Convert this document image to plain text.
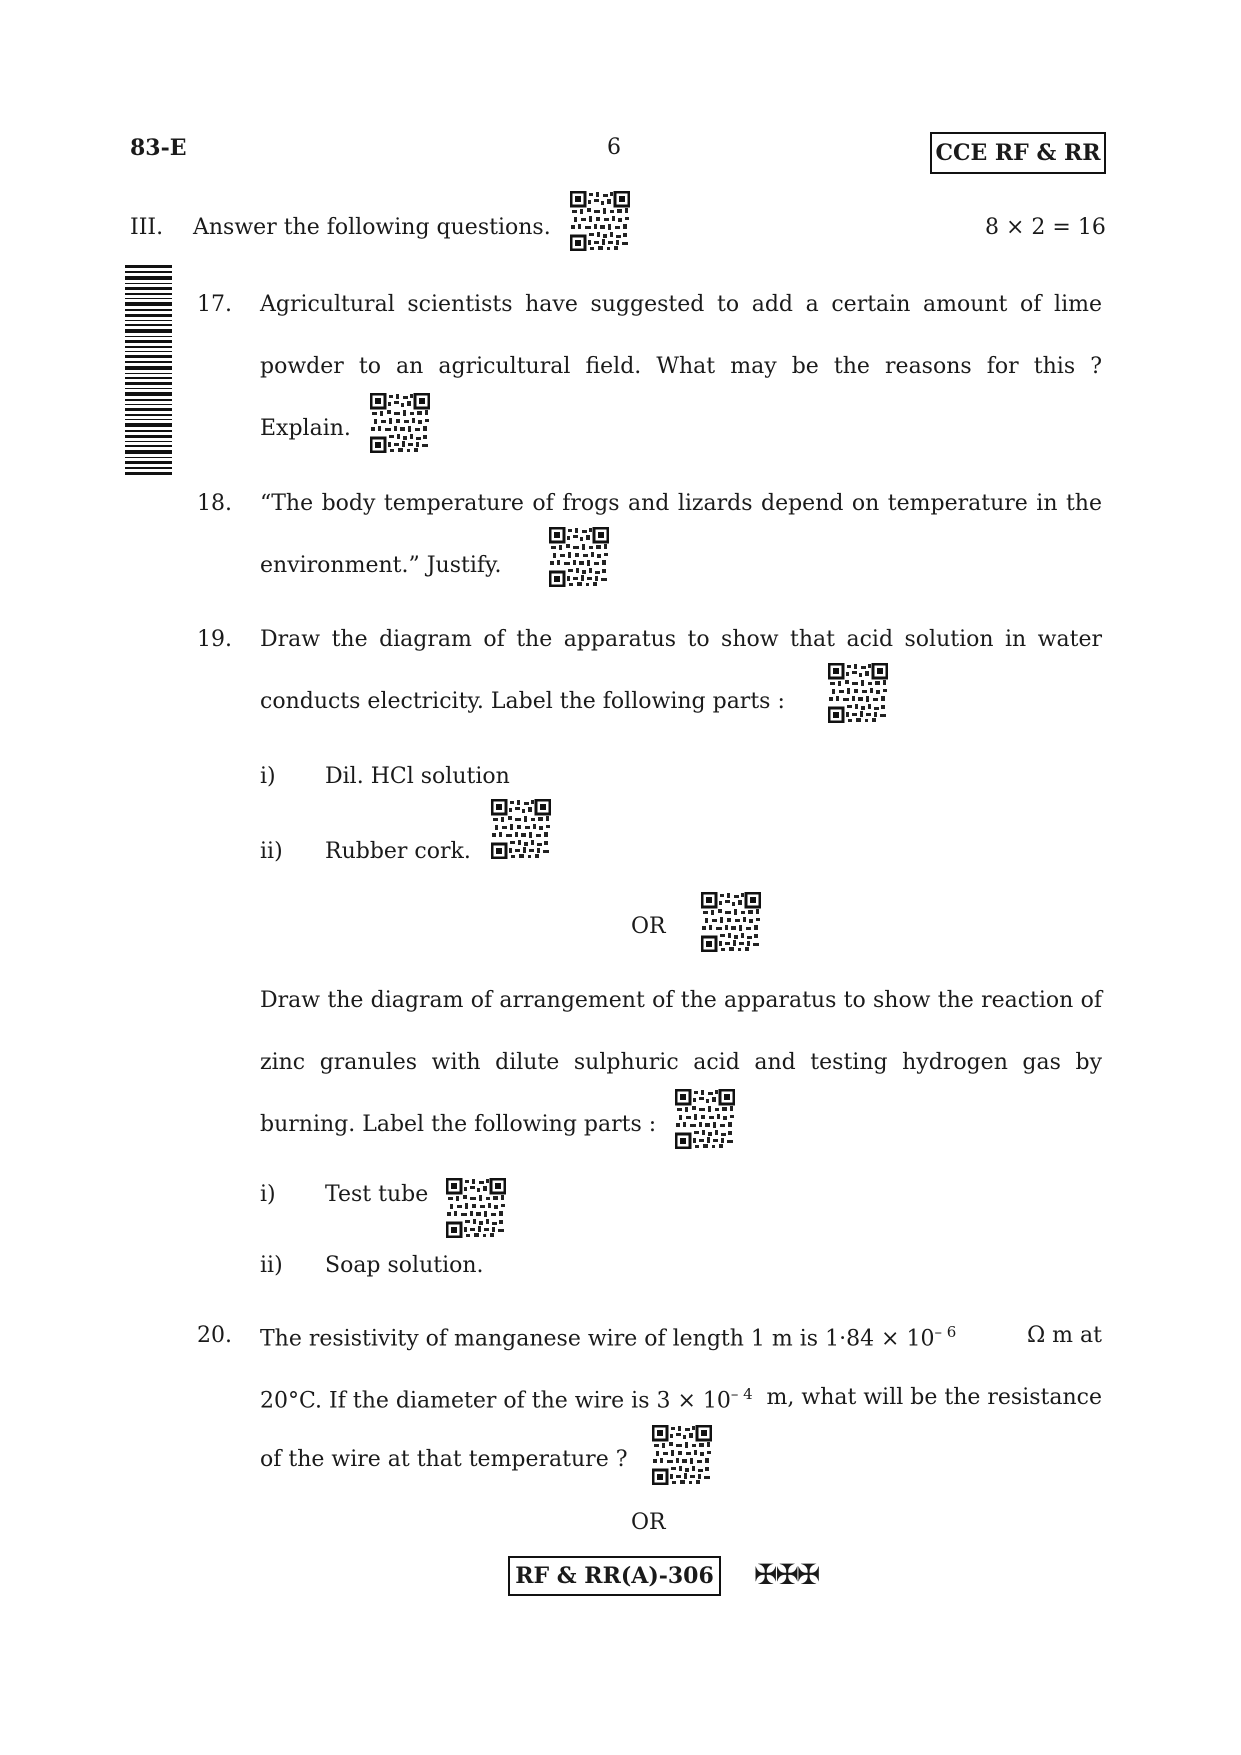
83-E	6	CCE RF & RR
III. Answer the following questions.	8 × 2 = 16
17. Agricultural scientists have suggested to add a certain amount of lime
powder to an agricultural field. What may be the reasons for this ?
Explain.
18. “The body temperature of frogs and lizards depend on temperature in the
environment.” Justify.
19. Draw the diagram of the apparatus to show that acid solution in water
conducts electricity. Label the following parts :
i) Dil. HCl solution
ii) Rubber cork.
OR
Draw the diagram of arrangement of the apparatus to show the reaction of
zinc granules with dilute sulphuric acid and testing hydrogen gas by
burning. Label the following parts :
i) Test tube
ii) Soap solution.
20. The resistivity of manganese wire of length 1 m is $1\cdot 84 \times 10^{- 6}$	Ω m at
20°C. If the diameter of the wire is $3 \times 10^{- 4}$ m, what will be the resistance
of the wire at that temperature ?
OR
RF & RR(A)-306 ✠✠✠
